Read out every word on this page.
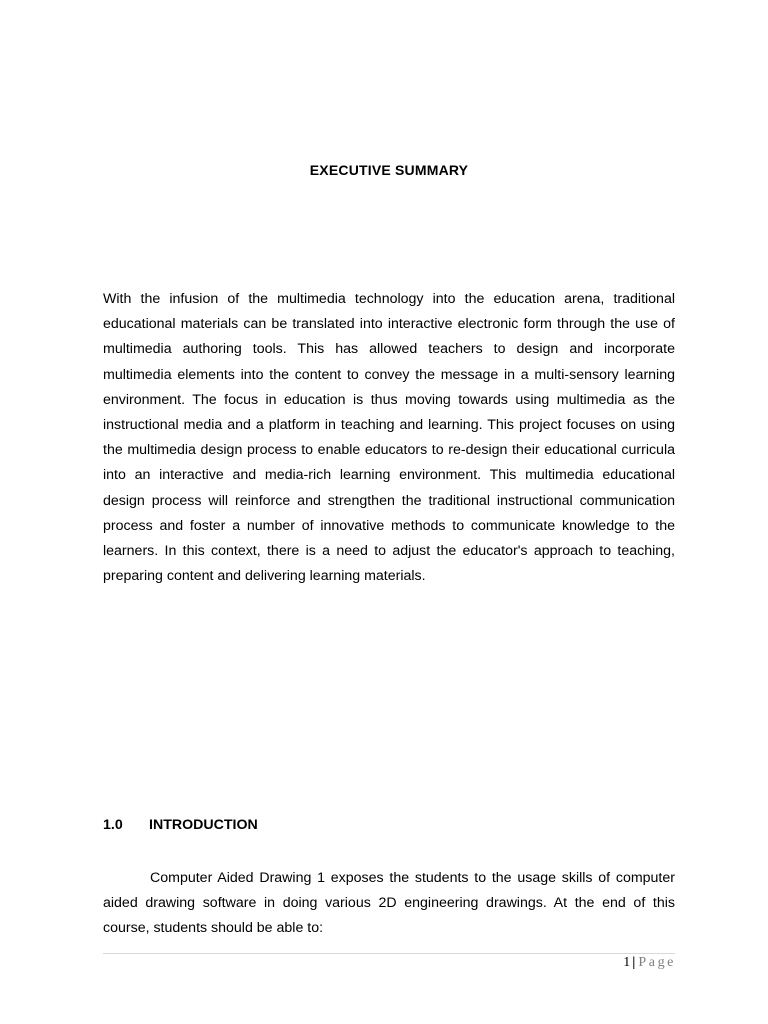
EXECUTIVE SUMMARY

With the infusion of the multimedia technology into the education arena, traditional educational materials can be translated into interactive electronic form through the use of multimedia authoring tools. This has allowed teachers to design and incorporate multimedia elements into the content to convey the message in a multi-sensory learning environment. The focus in education is thus moving towards using multimedia as the instructional media and a platform in teaching and learning. This project focuses on using the multimedia design process to enable educators to re-design their educational curricula into an interactive and media-rich learning environment. This multimedia educational design process will reinforce and strengthen the traditional instructional communication process and foster a number of innovative methods to communicate knowledge to the learners. In this context, there is a need to adjust the educator's approach to teaching, preparing content and delivering learning materials.

1.0 INTRODUCTION

Computer Aided Drawing 1 exposes the students to the usage skills of computer aided drawing software in doing various 2D engineering drawings. At the end of this course, students should be able to:

1 | Page
